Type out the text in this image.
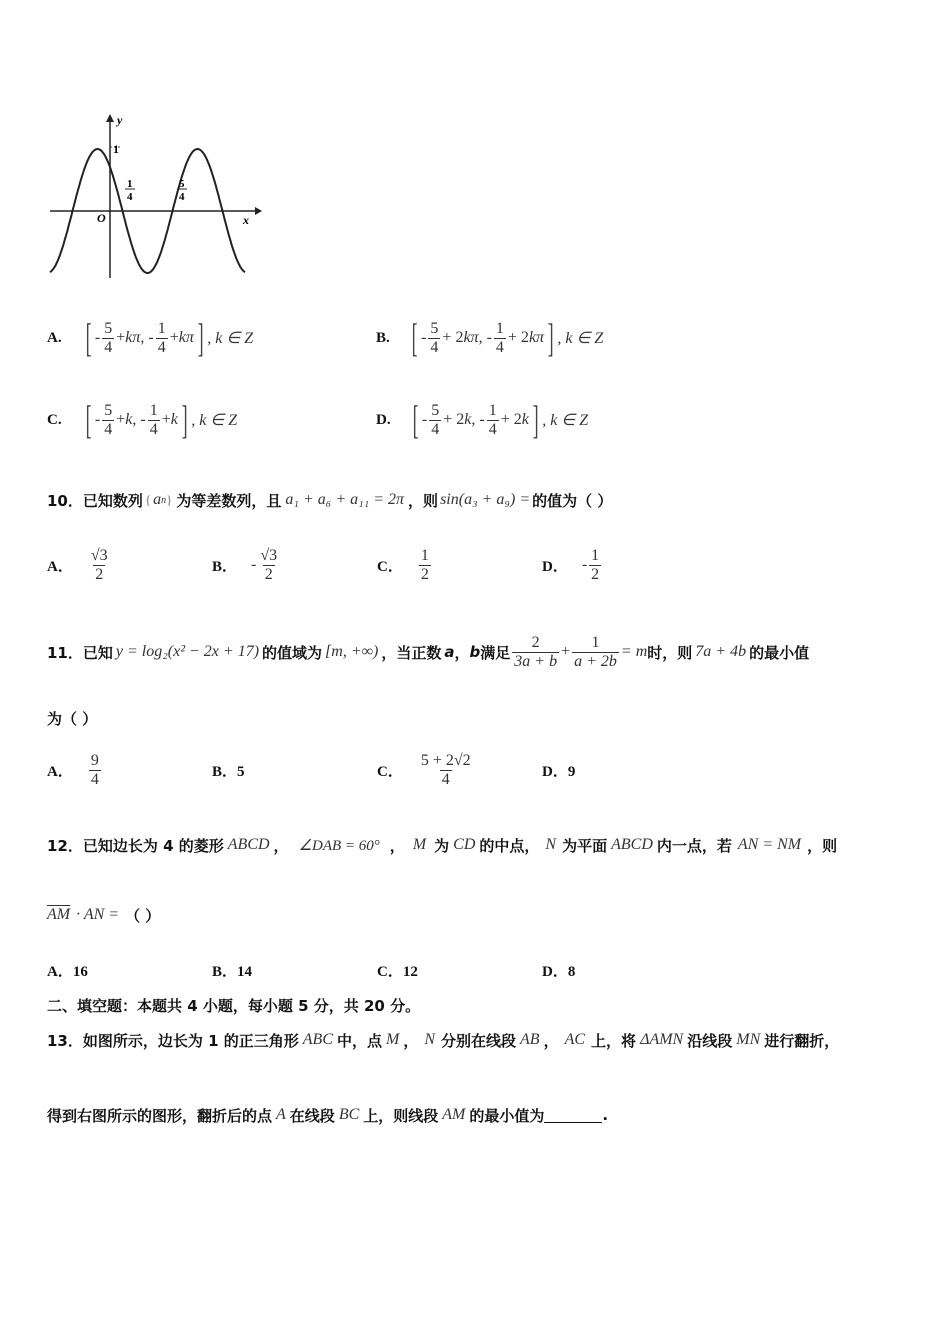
y
x
O
1
1
4
5
4
A. [ - $\frac{5}{4} + k\pi$ , - $\frac{1}{4} + k\pi$ ] , k ∈ Z	B. [ - $\frac{5}{4} + 2$ kπ , - $\frac{1}{4} + 2$ kπ ] , k ∈ Z
C. [ - $\frac{5}{4} + k$ , - $\frac{1}{4} + k$ ] , k ∈ Z	D. [ - $\frac{5}{4} + 2$ k , - $\frac{1}{4} + 2$ k ] , k ∈ Z
10．已知数列 { a n } 为等差数列，且 a₁ + a₆ + a₁₁ = 2π ，则 sin(a₃ + a₉) = 的值为（ ）
A． $\frac{√3}{2}$	B． - $\frac{√3}{2}$	C． $\frac{1}{2}$	D． - $\frac{1}{2}$
11．已知 y = log₂(x² − 2x + 17) 的值域为 [m, +∞) ，当正数 a ， b 满足 $\frac{2}{3a + b} + \frac{1}{a + 2b} = m$ 时，则 7a + 4b 的最小值
为（ ）
A． $\frac{9}{4}$	B．5	C． $\frac{5 + 2√2}{4}$	D．9
12．已知边长为 4 的菱形 ABCD ， ∠DAB = 60° ， M 为 CD 的中点， N 为平面 ABCD 内一点，若 AN = NM ，则
$\overline{AM}$ · AN = （ ）
A．16	B．14	C．12	D．8
二、填空题：本题共 4 小题，每小题 5 分，共 20 分。
13．如图所示，边长为 1 的正三角形 ABC 中，点 M ， N 分别在线段 AB ， AC 上，将 ΔAMN 沿线段 MN 进行翻折，
得到右图所示的图形，翻折后的点 A 在线段 BC 上，则线段 AM 的最小值为	.
